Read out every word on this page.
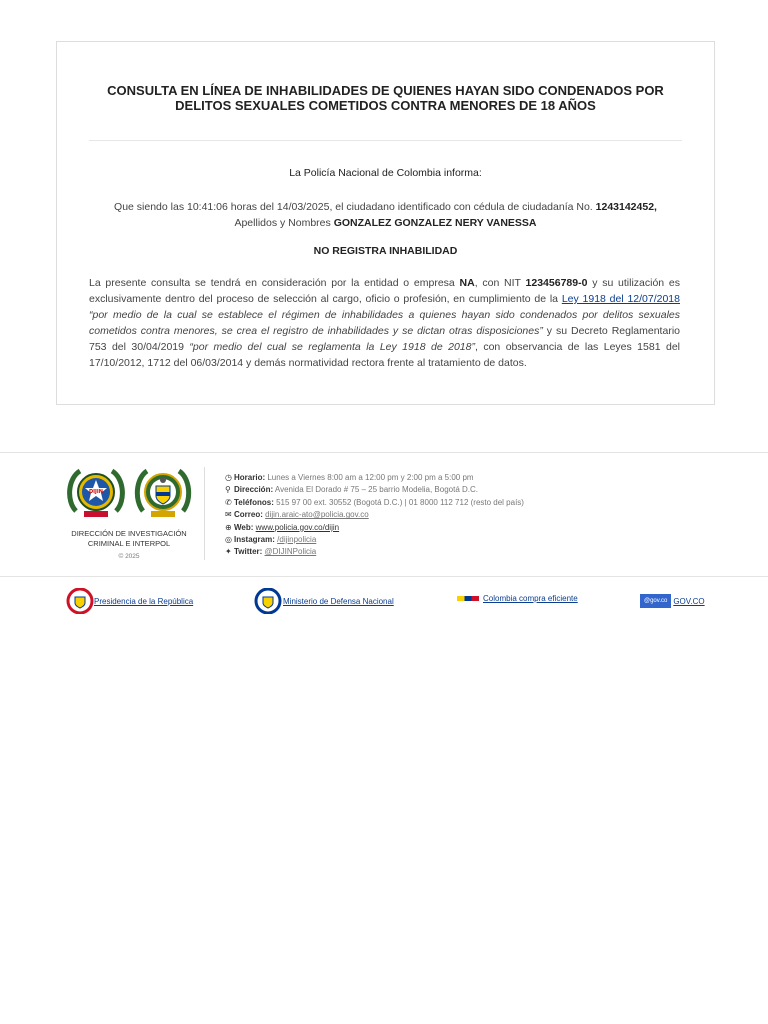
CONSULTA EN LÍNEA DE INHABILIDADES DE QUIENES HAYAN SIDO CONDENADOS POR DELITOS SEXUALES COMETIDOS CONTRA MENORES DE 18 AÑOS
La Policía Nacional de Colombia informa:
Que siendo las 10:41:06 horas del 14/03/2025, el ciudadano identificado con cédula de ciudadanía No. 1243142452,
Apellidos y Nombres GONZALEZ GONZALEZ NERY VANESSA
NO REGISTRA INHABILIDAD
La presente consulta se tendrá en consideración por la entidad o empresa NA, con NIT 123456789-0 y su utilización es exclusivamente dentro del proceso de selección al cargo, oficio o profesión, en cumplimiento de la Ley 1918 del 12/07/2018 “por medio de la cual se establece el régimen de inhabilidades a quienes hayan sido condenados por delitos sexuales cometidos contra menores, se crea el registro de inhabilidades y se dictan otras disposiciones” y su Decreto Reglamentario 753 del 30/04/2019 “por medio del cual se reglamenta la Ley 1918 de 2018”, con observancia de las Leyes 1581 del 17/10/2012, 1712 del 06/03/2014 y demás normatividad rectora frente al tratamiento de datos.
DIJIN
DIRECCIÓN DE INVESTIGACIÓN CRIMINAL E INTERPOL
© 2025
◷ Horario: Lunes a Viernes 8:00 am a 12:00 pm y 2:00 pm a 5:00 pm
⚲ Dirección: Avenida El Dorado # 75 – 25 barrio Modelia, Bogotá D.C.
✆ Teléfonos: 515 97 00 ext. 30552 (Bogotá D.C.) | 01 8000 112 712 (resto del país)
✉ Correo: dijin.araic-ato@policia.gov.co
⊕ Web: www.policia.gov.co/dijin
◎ Instagram: /dijinpolicia
✦ Twitter: @DIJINPolicia
Presidencia de la República	Ministerio de Defensa Nacional	Colombia compra eficiente	@gov.co GOV.CO
